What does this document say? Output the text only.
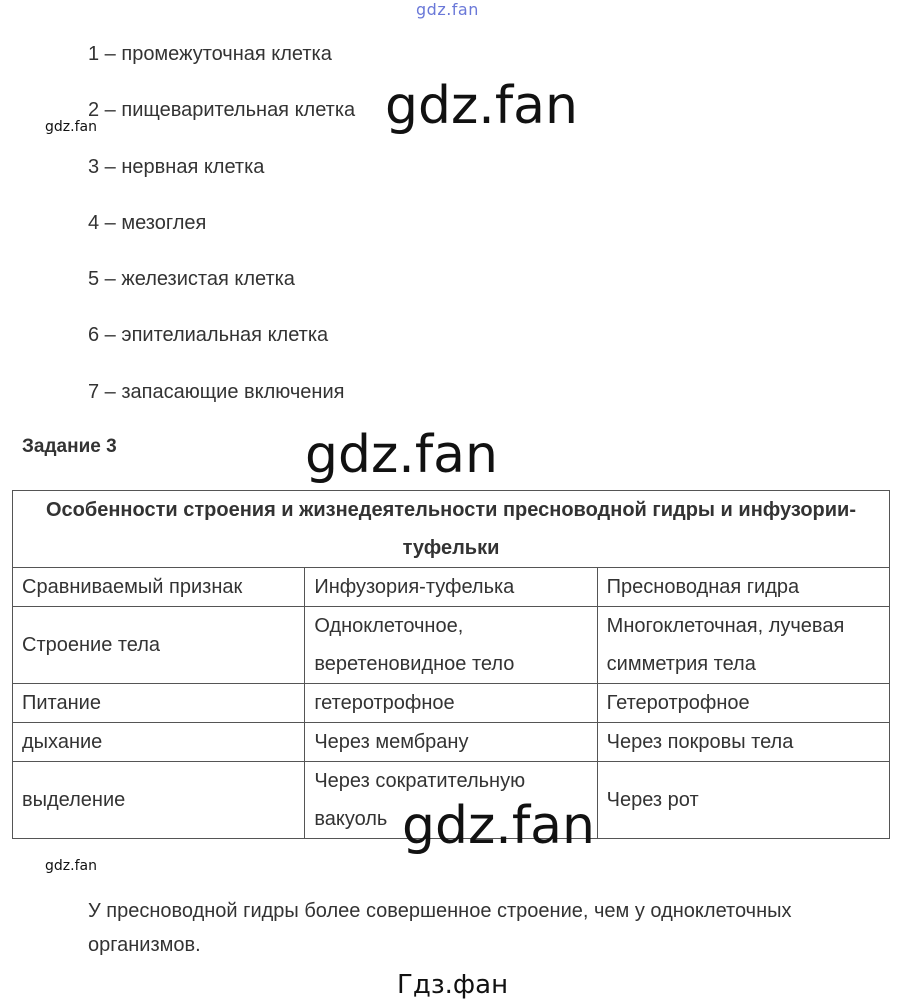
gdz.fan
1 – промежуточная клетка
2 – пищеварительная клетка
3 – нервная клетка
4 – мезоглея
5 – железистая клетка
6 – эпителиальная клетка
7 – запасающие включения
gdz.fan
gdz.fan
Задание 3	gdz.fan
Особенности строения и жизнедеятельности пресноводной гидры и инфузории-туфельки		
Сравниваемый признак	Инфузория-туфелька	Пресноводная гидра
Строение тела	Одноклеточное, веретеновидное тело	Многоклеточная, лучевая симметрия тела
Питание	гетеротрофное	Гетеротрофное
дыхание	Через мембрану	Через покровы тела
выделение	Через сократительную вакуоль	Через рот
gdz.fan
gdz.fan
У пресноводной гидры более совершенное строение, чем у одноклеточных организмов.
Гдз.фан
